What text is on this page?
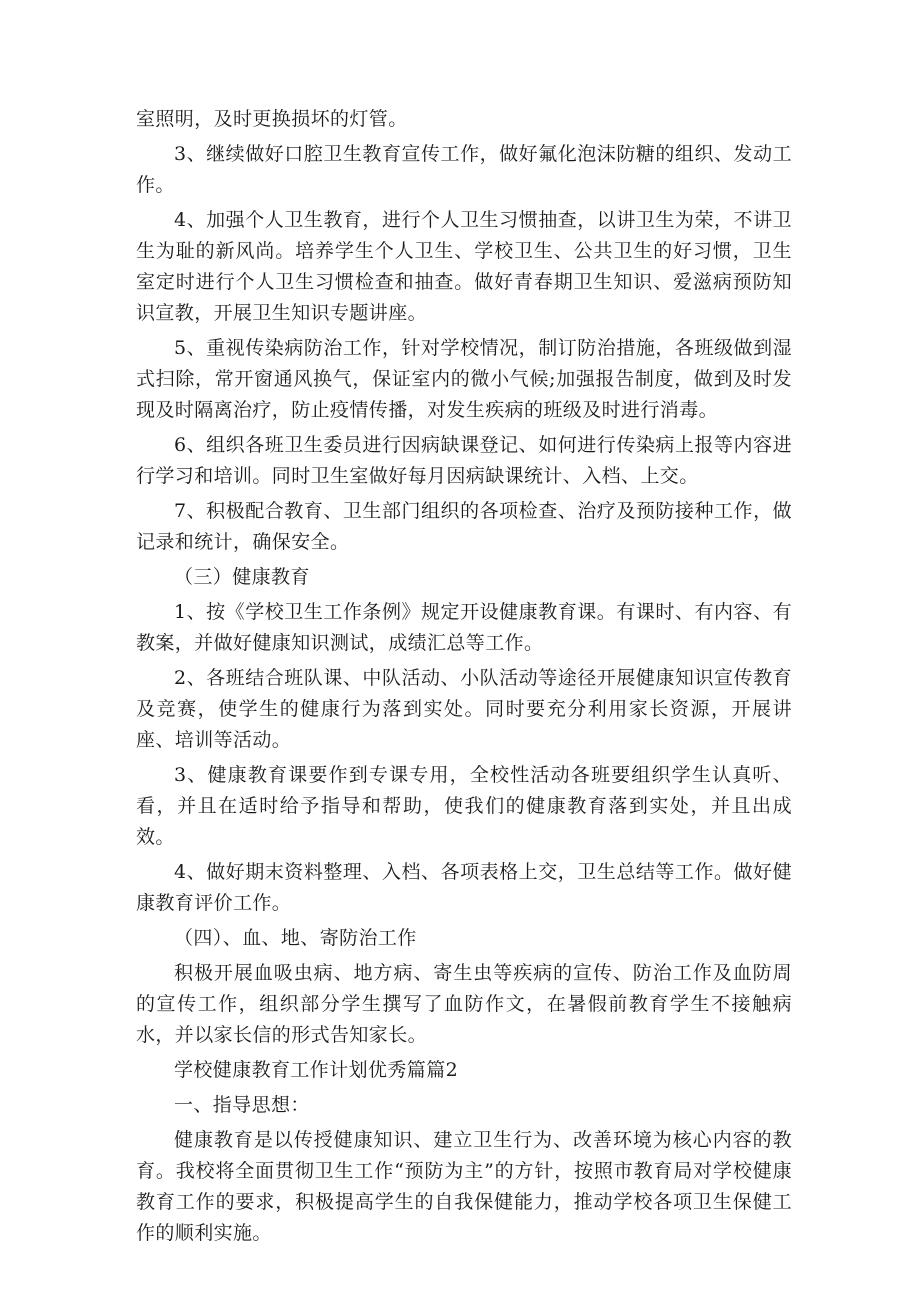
室照明，及时更换损坏的灯管。

3、继续做好口腔卫生教育宣传工作，做好氟化泡沫防糖的组织、发动工作。

4、加强个人卫生教育，进行个人卫生习惯抽查，以讲卫生为荣，不讲卫生为耻的新风尚。培养学生个人卫生、学校卫生、公共卫生的好习惯，卫生室定时进行个人卫生习惯检查和抽查。做好青春期卫生知识、爱滋病预防知识宣教，开展卫生知识专题讲座。

5、重视传染病防治工作，针对学校情况，制订防治措施，各班级做到湿式扫除，常开窗通风换气，保证室内的微小气候;加强报告制度，做到及时发现及时隔离治疗，防止疫情传播，对发生疾病的班级及时进行消毒。

6、组织各班卫生委员进行因病缺课登记、如何进行传染病上报等内容进行学习和培训。同时卫生室做好每月因病缺课统计、入档、上交。

7、积极配合教育、卫生部门组织的各项检查、治疗及预防接种工作，做记录和统计，确保安全。

（三）健康教育

1、按《学校卫生工作条例》规定开设健康教育课。有课时、有内容、有教案，并做好健康知识测试，成绩汇总等工作。

2、各班结合班队课、中队活动、小队活动等途径开展健康知识宣传教育及竞赛，使学生的健康行为落到实处。同时要充分利用家长资源，开展讲座、培训等活动。

3、健康教育课要作到专课专用，全校性活动各班要组织学生认真听、看，并且在适时给予指导和帮助，使我们的健康教育落到实处，并且出成效。

4、做好期末资料整理、入档、各项表格上交，卫生总结等工作。做好健康教育评价工作。

（四）、血、地、寄防治工作

积极开展血吸虫病、地方病、寄生虫等疾病的宣传、防治工作及血防周的宣传工作，组织部分学生撰写了血防作文，在暑假前教育学生不接触病水，并以家长信的形式告知家长。

学校健康教育工作计划优秀篇篇2

一、指导思想：

健康教育是以传授健康知识、建立卫生行为、改善环境为核心内容的教育。我校将全面贯彻卫生工作“预防为主”的方针，按照市教育局对学校健康教育工作的要求，积极提高学生的自我保健能力，推动学校各项卫生保健工作的顺利实施。
